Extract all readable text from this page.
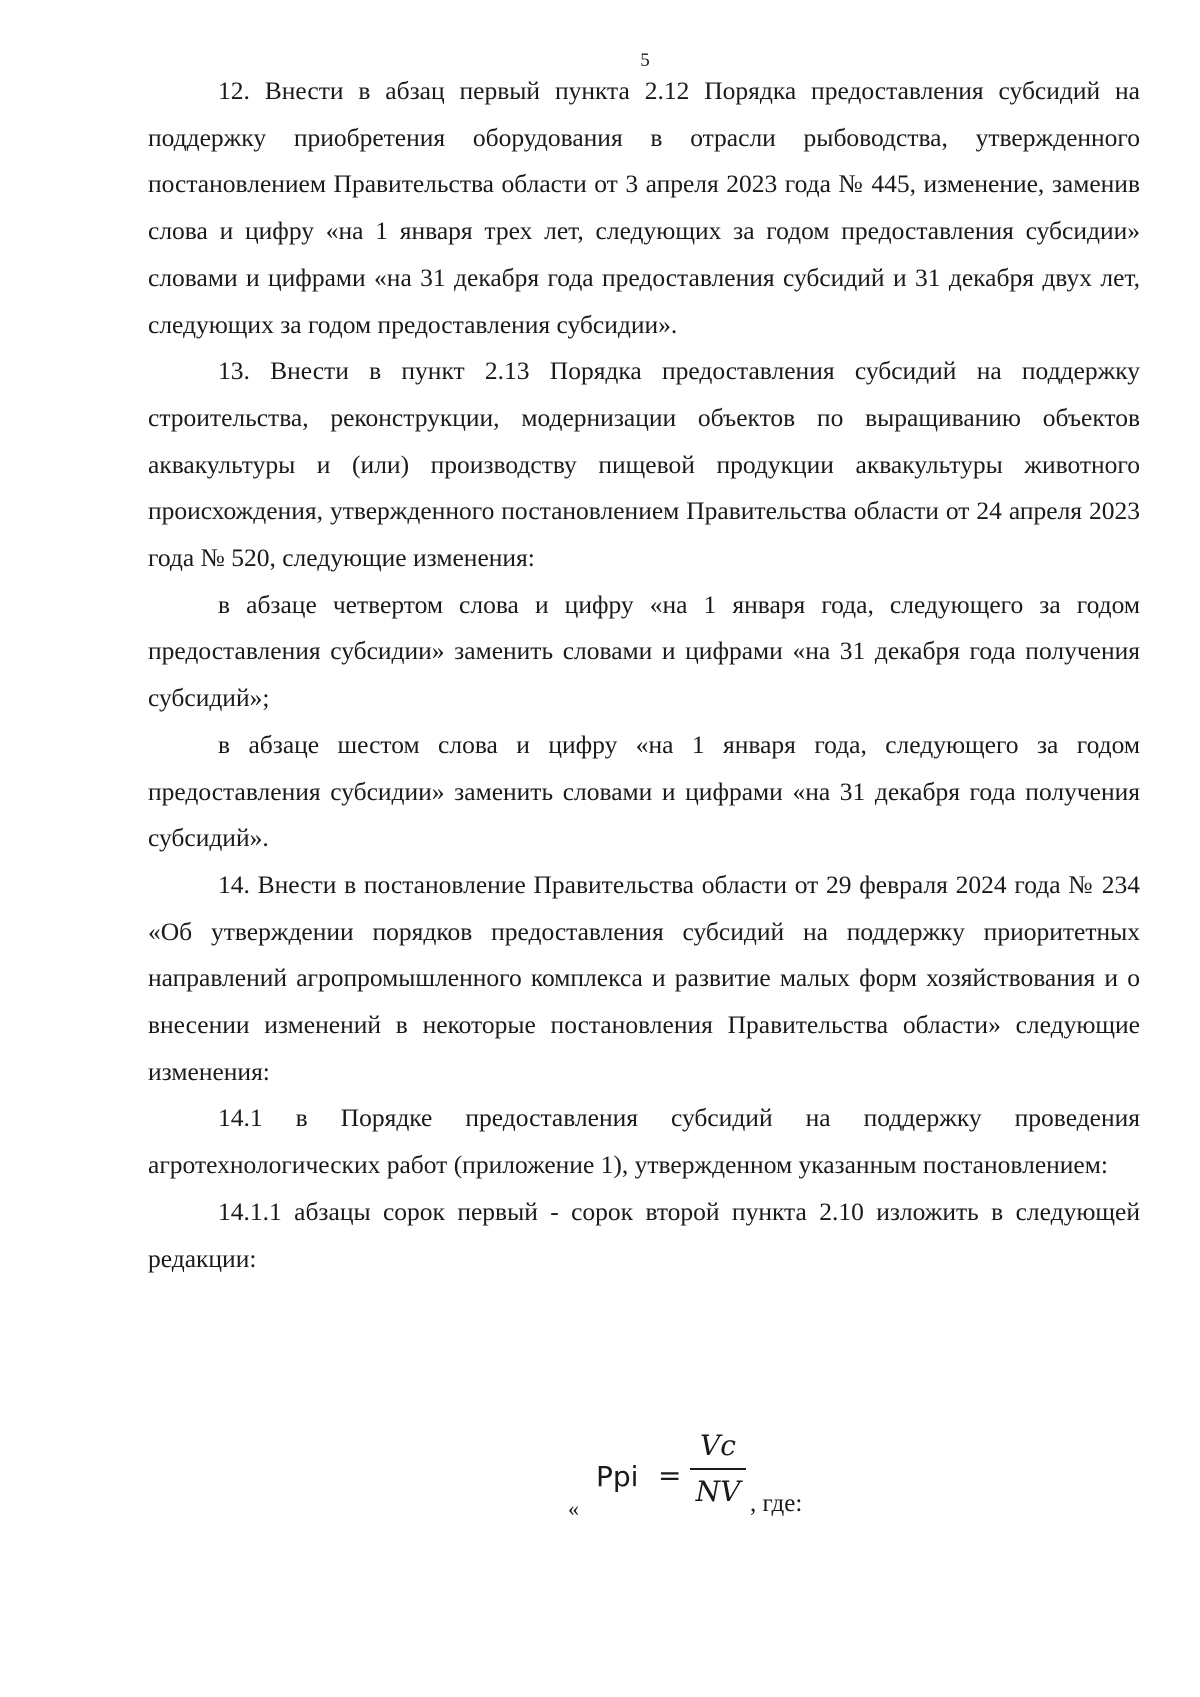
5

12. Внести в абзац первый пункта 2.12 Порядка предоставления субсидий на поддержку приобретения оборудования в отрасли рыбоводства, утвержденного постановлением Правительства области от 3 апреля 2023 года № 445, изменение, заменив слова и цифру «на 1 января трех лет, следующих за годом предоставления субсидии» словами и цифрами «на 31 декабря года предоставления субсидий и 31 декабря двух лет, следующих за годом предоставления субсидии».

13. Внести в пункт 2.13 Порядка предоставления субсидий на поддержку строительства, реконструкции, модернизации объектов по выращиванию объектов аквакультуры и (или) производству пищевой продукции аквакультуры животного происхождения, утвержденного постановлением Правительства области от 24 апреля 2023 года № 520, следующие изменения:

в абзаце четвертом слова и цифру «на 1 января года, следующего за годом предоставления субсидии» заменить словами и цифрами «на 31 декабря года получения субсидий»;

в абзаце шестом слова и цифру «на 1 января года, следующего за годом предоставления субсидии» заменить словами и цифрами «на 31 декабря года получения субсидий».

14. Внести в постановление Правительства области от 29 февраля 2024 года № 234 «Об утверждении порядков предоставления субсидий на поддержку приоритетных направлений агропромышленного комплекса и развитие малых форм хозяйствования и о внесении изменений в некоторые постановления Правительства области» следующие изменения:

14.1 в Порядке предоставления субсидий на поддержку проведения агротехнологических работ (приложение 1), утвержденном указанным постановлением:

14.1.1 абзацы сорок первый - сорок второй пункта 2.10 изложить в следующей редакции:

«
Ppi =
Vc
NV , где:
